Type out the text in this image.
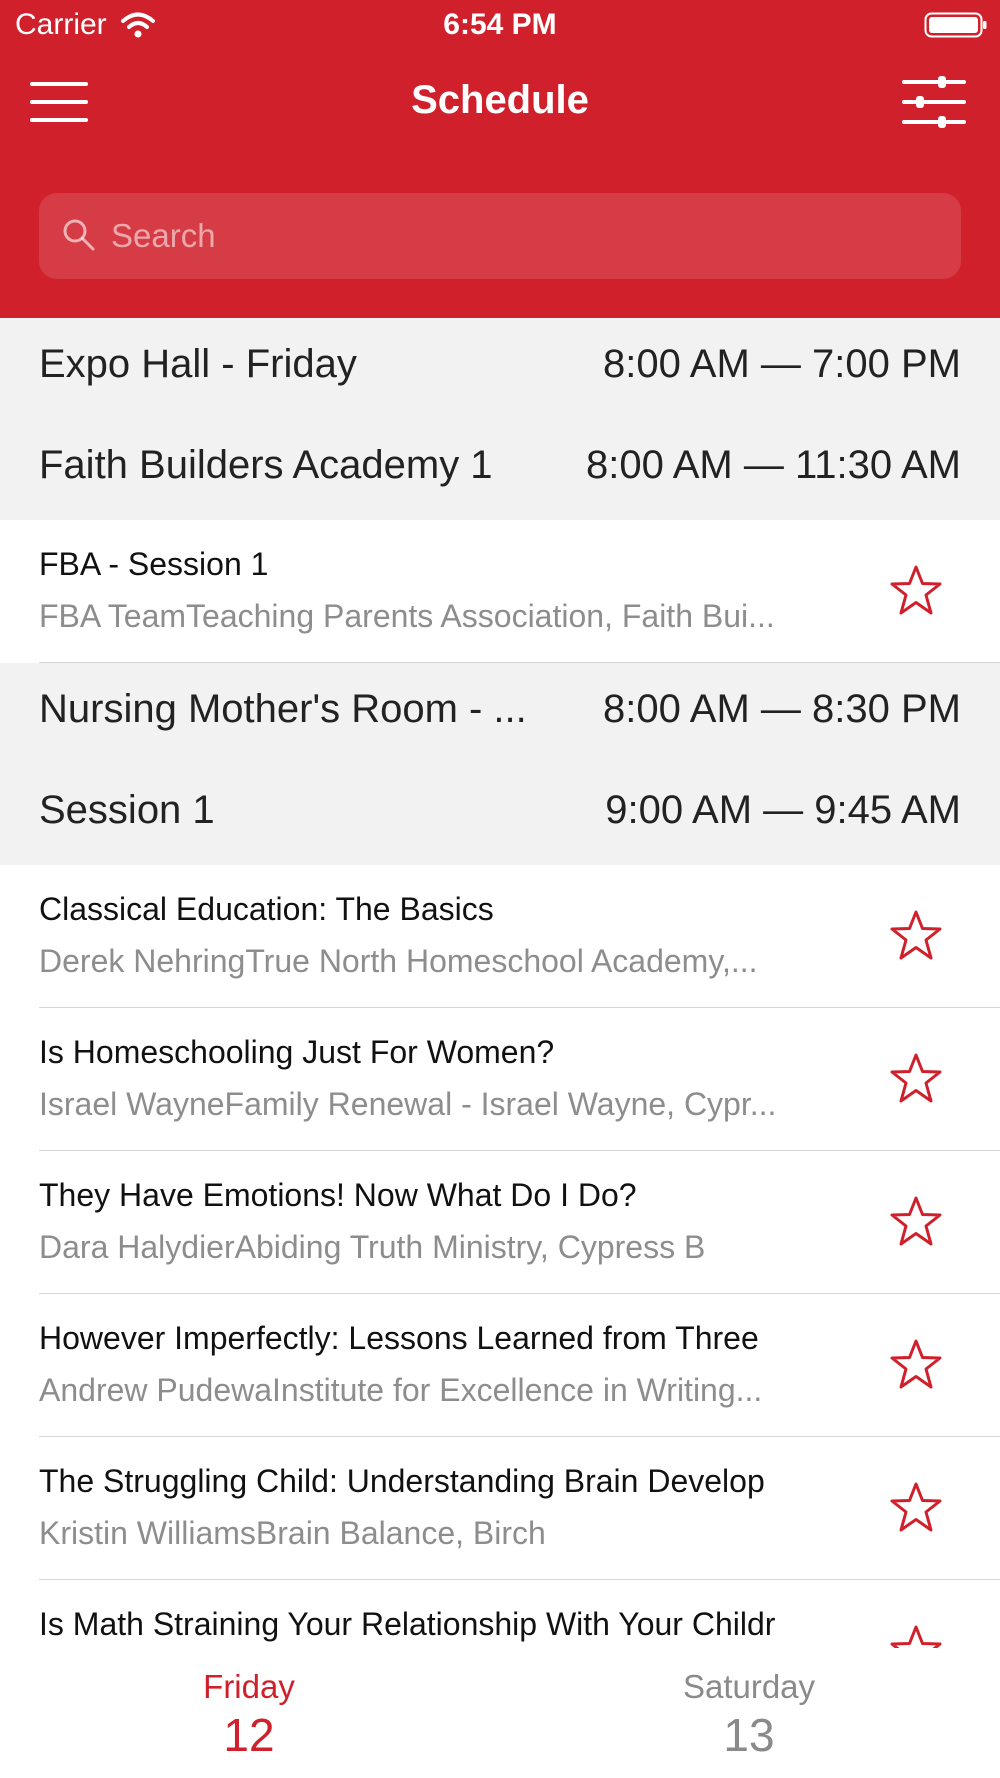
Carrier	6:54 PM
Schedule
Search
Expo Hall - Friday	8:00 AM — 7:00 PM
Faith Builders Academy 1 8:00 AM — 11:30 AM
FBA - Session 1
FBA TeamTeaching Parents Association, Faith Bui...
Nursing Mother's Room - ... 8:00 AM — 8:30 PM
Session 1	9:00 AM — 9:45 AM
Classical Education: The Basics
Derek NehringTrue North Homeschool Academy,...
Is Homeschooling Just For Women?
Israel WayneFamily Renewal - Israel Wayne, Cypr...
They Have Emotions! Now What Do I Do?
Dara HalydierAbiding Truth Ministry, Cypress B
However Imperfectly: Lessons Learned from Three
Andrew PudewaInstitute for Excellence in Writing...
The Struggling Child: Understanding Brain Develop
Kristin WilliamsBrain Balance, Birch
Is Math Straining Your Relationship With Your Childr
Friday
12
Saturday
13
